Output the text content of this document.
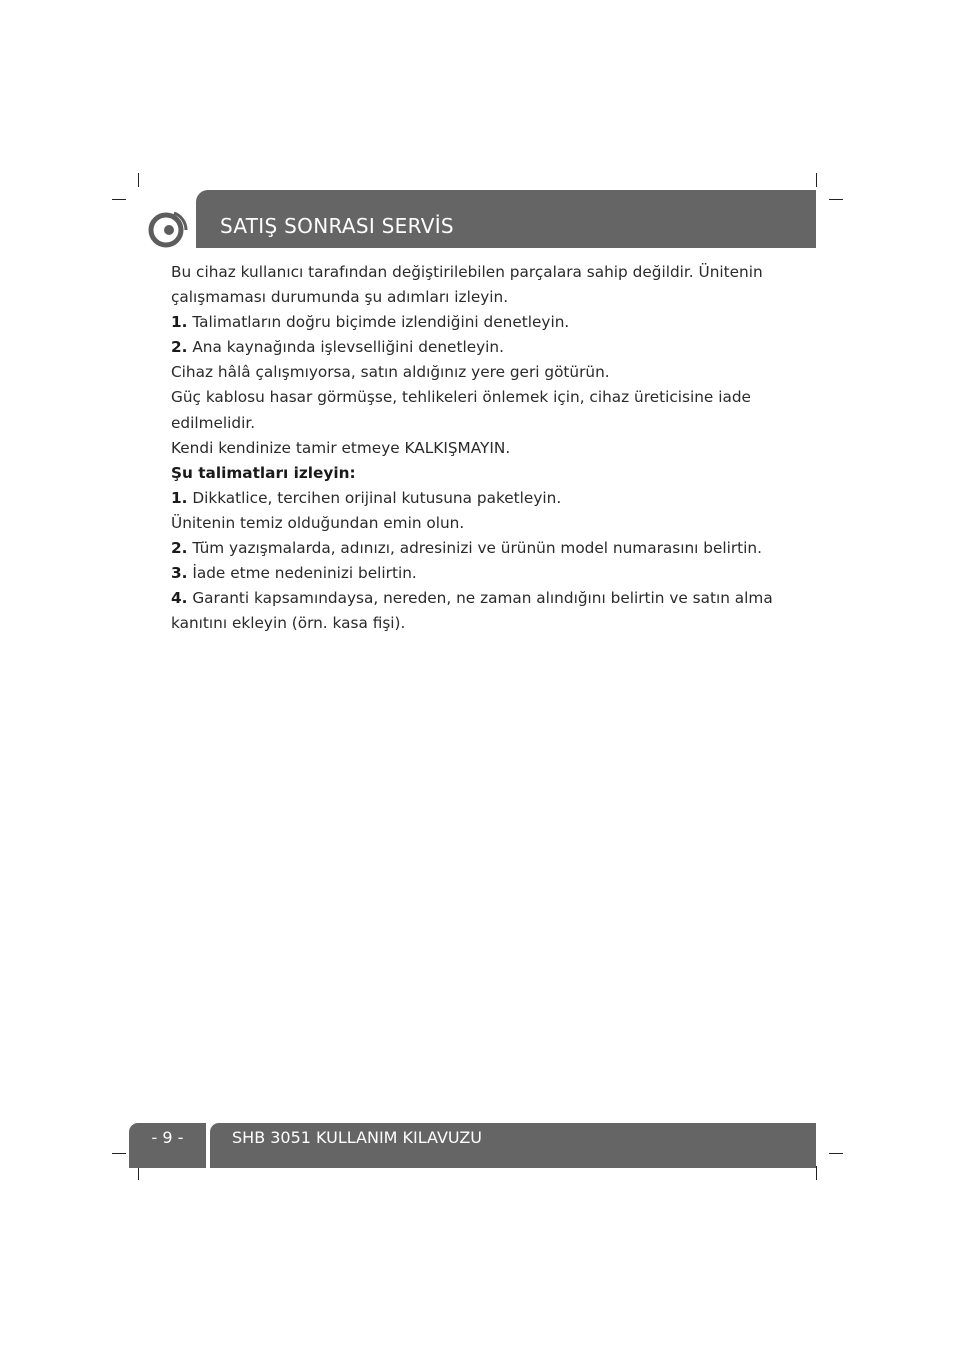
SATIŞ SONRASI SERVİS

Bu cihaz kullanıcı tarafından değiştirilebilen parçalara sahip değildir. Ünitenin
çalışmaması durumunda şu adımları izleyin.

1. Talimatların doğru biçimde izlendiğini denetleyin.

2. Ana kaynağında işlevselliğini denetleyin.

Cihaz hâlâ çalışmıyorsa, satın aldığınız yere geri götürün.

Güç kablosu hasar görmüşse, tehlikeleri önlemek için, cihaz üreticisine iade
edilmelidir.

Kendi kendinize tamir etmeye KALKIŞMAYIN.

Şu talimatları izleyin:

1. Dikkatlice, tercihen orijinal kutusuna paketleyin.

Ünitenin temiz olduğundan emin olun.

2. Tüm yazışmalarda, adınızı, adresinizi ve ürünün model numarasını belirtin.

3. İade etme nedeninizi belirtin.

4. Garanti kapsamındaysa, nereden, ne zaman alındığını belirtin ve satın alma
kanıtını ekleyin (örn. kasa fişi).

- 9 -	SHB 3051 KULLANIM KILAVUZU
